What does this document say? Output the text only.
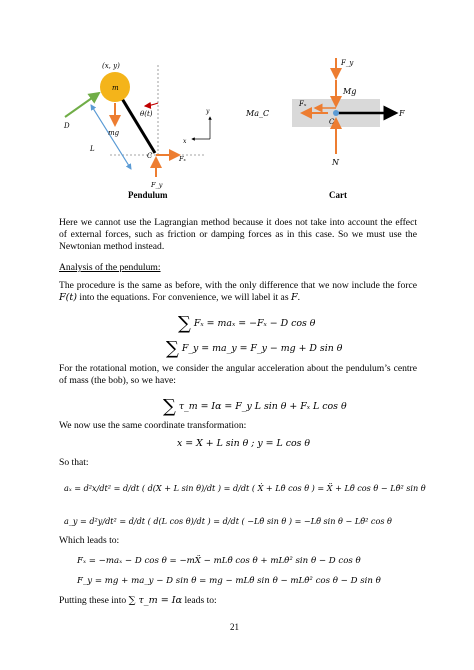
(x, y)
m
θ(t)
D
L
mg
C	Fₓ
F_y
y
x
Pendulum
F_y
Mg
Fₓ
Ma_C
C
F
N
Cart
Here we cannot use the Lagrangian method because it does not take into account the effect of external forces, such as friction or damping forces as in this case. So we must use the Newtonian method instead.
Analysis of the pendulum:
The procedure is the same as before, with the only difference that we now include the force F(t) into the equations. For convenience, we will label it as F.
∑ Fₓ = maₓ = −Fₓ − D cos θ
∑ F_y = ma_y = F_y − mg + D sin θ
For the rotational motion, we consider the angular acceleration about the pendulum’s centre of mass (the bob), so we have:
∑ τ_m = Iα = F_y L sin θ + Fₓ L cos θ
We now use the same coordinate transformation:
x = X + L sin θ ; y = L cos θ
So that:
aₓ = d²x/dt² = d/dt ( d(X + L sin θ)/dt ) = d/dt ( Ẋ + Lθ̇ cos θ ) = Ẍ + Lθ̈ cos θ − Lθ̇² sin θ
a_y = d²y/dt² = d/dt ( d(L cos θ)/dt ) = d/dt ( −Lθ̇ sin θ ) = −Lθ̈ sin θ − Lθ̇² cos θ
Which leads to:
Fₓ = −maₓ − D cos θ = −mẌ − mLθ̈ cos θ + mLθ̇² sin θ − D cos θ
F_y = mg + ma_y − D sin θ = mg − mLθ̈ sin θ − mLθ̇² cos θ − D sin θ
Putting these into ∑ τ_m = Iα leads to:
21
